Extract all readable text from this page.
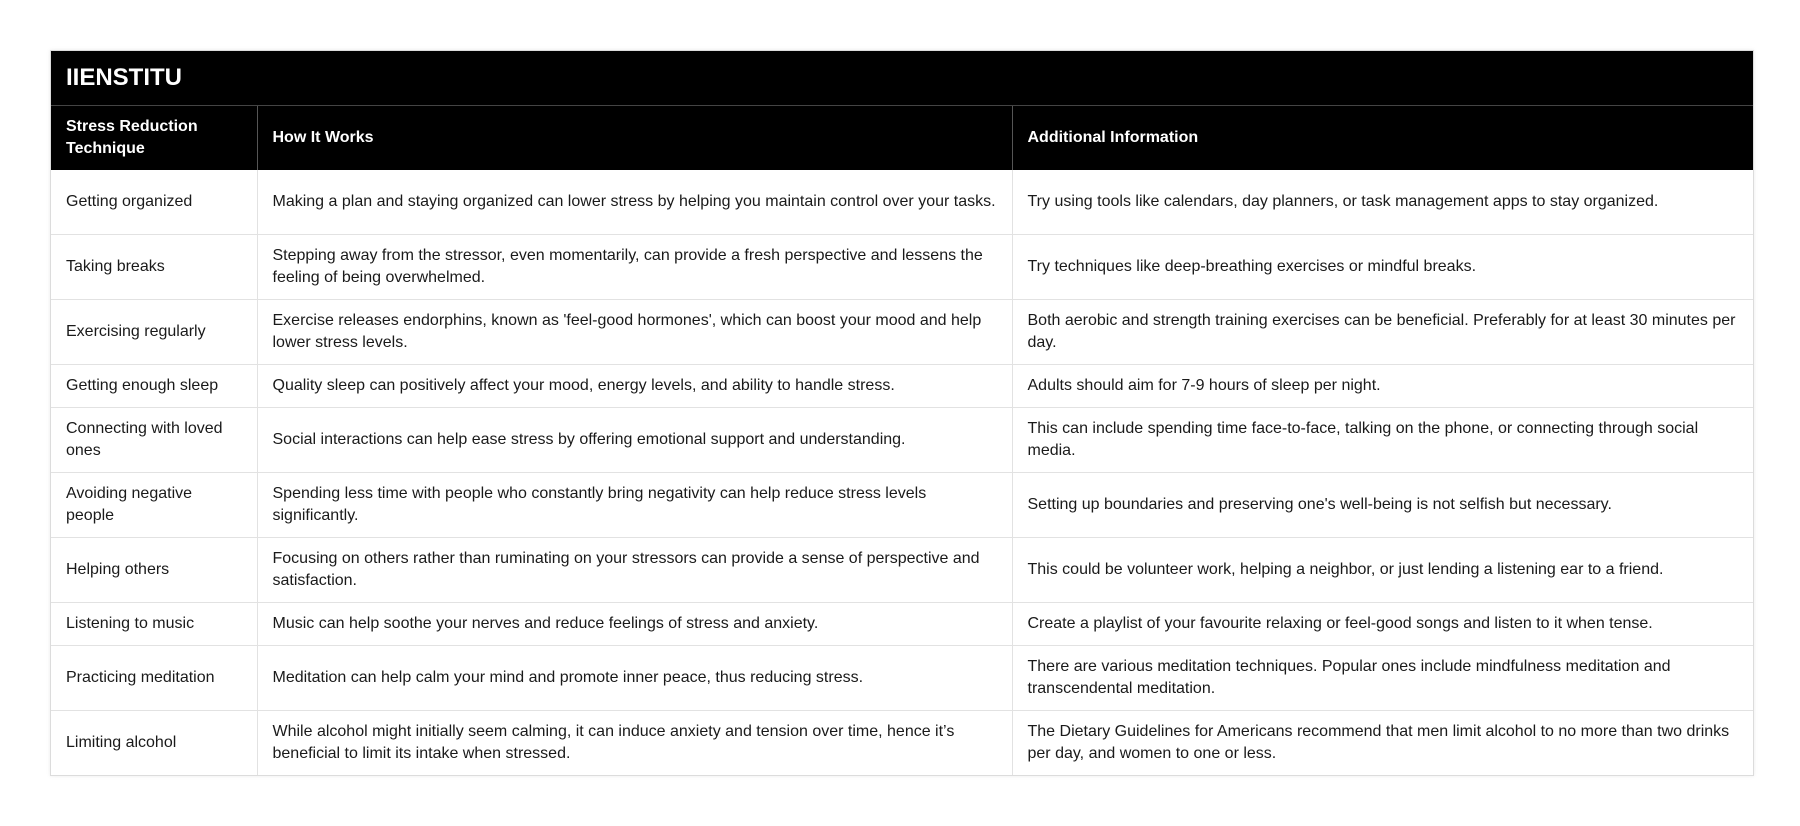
IIENSTITU
Stress Reduction Technique	How It Works	Additional Information
Getting organized	Making a plan and staying organized can lower stress by helping you maintain control over your tasks.	Try using tools like calendars, day planners, or task management apps to stay organized.
Taking breaks	Stepping away from the stressor, even momentarily, can provide a fresh perspective and lessens the feeling of being overwhelmed.	Try techniques like deep-breathing exercises or mindful breaks.
Exercising regularly	Exercise releases endorphins, known as 'feel-good hormones', which can boost your mood and help lower stress levels.	Both aerobic and strength training exercises can be beneficial. Preferably for at least 30 minutes per day.
Getting enough sleep	Quality sleep can positively affect your mood, energy levels, and ability to handle stress.	Adults should aim for 7-9 hours of sleep per night.
Connecting with loved ones	Social interactions can help ease stress by offering emotional support and understanding.	This can include spending time face-to-face, talking on the phone, or connecting through social media.
Avoiding negative people	Spending less time with people who constantly bring negativity can help reduce stress levels significantly.	Setting up boundaries and preserving one's well-being is not selfish but necessary.
Helping others	Focusing on others rather than ruminating on your stressors can provide a sense of perspective and satisfaction.	This could be volunteer work, helping a neighbor, or just lending a listening ear to a friend.
Listening to music	Music can help soothe your nerves and reduce feelings of stress and anxiety.	Create a playlist of your favourite relaxing or feel-good songs and listen to it when tense.
Practicing meditation	Meditation can help calm your mind and promote inner peace, thus reducing stress.	There are various meditation techniques. Popular ones include mindfulness meditation and transcendental meditation.
Limiting alcohol	While alcohol might initially seem calming, it can induce anxiety and tension over time, hence it’s beneficial to limit its intake when stressed.	The Dietary Guidelines for Americans recommend that men limit alcohol to no more than two drinks per day, and women to one or less.
